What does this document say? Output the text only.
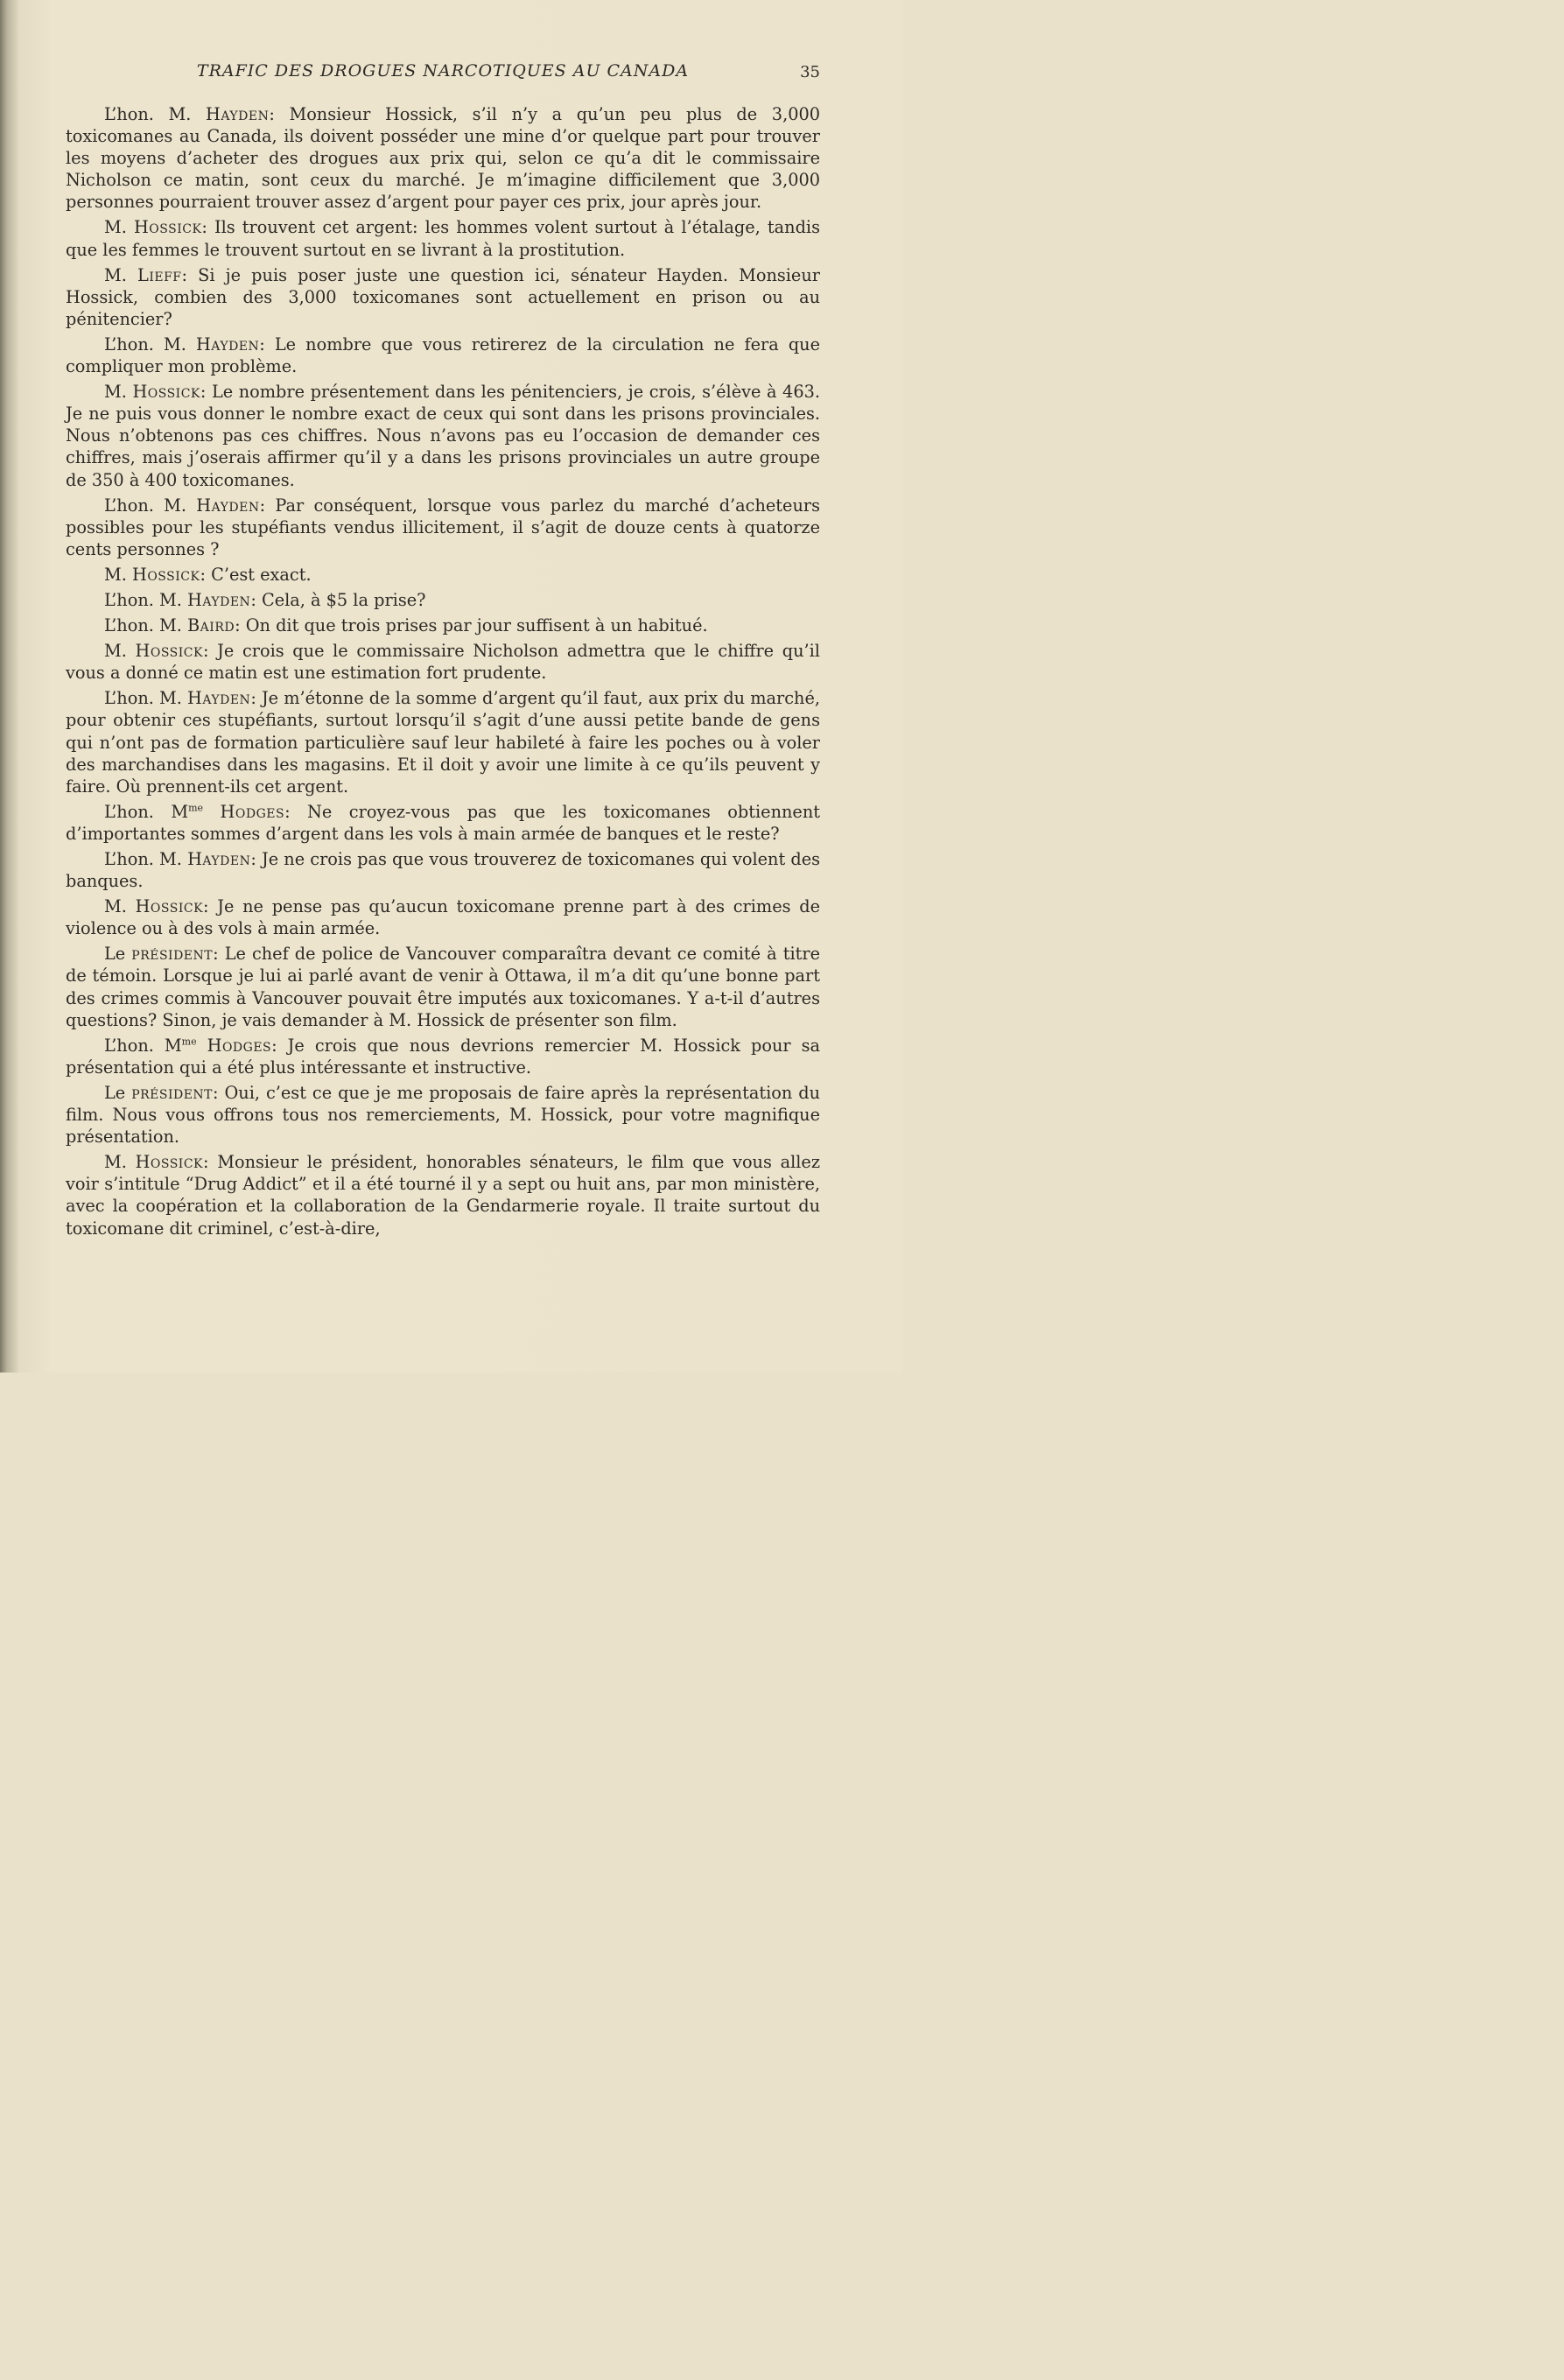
TRAFIC DES DROGUES NARCOTIQUES AU CANADA	35

L’hon. M. Hayden: Monsieur Hossick, s’il n’y a qu’un peu plus de 3,000 toxicomanes au Canada, ils doivent posséder une mine d’or quelque part pour trouver les moyens d’acheter des drogues aux prix qui, selon ce qu’a dit le commissaire Nicholson ce matin, sont ceux du marché. Je m’imagine difficilement que 3,000 personnes pourraient trouver assez d’argent pour payer ces prix, jour après jour.

M. Hossick: Ils trouvent cet argent: les hommes volent surtout à l’étalage, tandis que les femmes le trouvent surtout en se livrant à la prostitution.

M. Lieff: Si je puis poser juste une question ici, sénateur Hayden. Monsieur Hossick, combien des 3,000 toxicomanes sont actuellement en prison ou au pénitencier?

L’hon. M. Hayden: Le nombre que vous retirerez de la circulation ne fera que compliquer mon problème.

M. Hossick: Le nombre présentement dans les pénitenciers, je crois, s’élève à 463. Je ne puis vous donner le nombre exact de ceux qui sont dans les prisons provinciales. Nous n’obtenons pas ces chiffres. Nous n’avons pas eu l’occasion de demander ces chiffres, mais j’oserais affirmer qu’il y a dans les prisons provinciales un autre groupe de 350 à 400 toxicomanes.

L’hon. M. Hayden: Par conséquent, lorsque vous parlez du marché d’acheteurs possibles pour les stupéfiants vendus illicitement, il s’agit de douze cents à quatorze cents personnes ?

M. Hossick: C’est exact.

L’hon. M. Hayden: Cela, à $5 la prise?

L’hon. M. Baird: On dit que trois prises par jour suffisent à un habitué.

M. Hossick: Je crois que le commissaire Nicholson admettra que le chiffre qu’il vous a donné ce matin est une estimation fort prudente.

L’hon. M. Hayden: Je m’étonne de la somme d’argent qu’il faut, aux prix du marché, pour obtenir ces stupéfiants, surtout lorsqu’il s’agit d’une aussi petite bande de gens qui n’ont pas de formation particulière sauf leur habileté à faire les poches ou à voler des marchandises dans les magasins. Et il doit y avoir une limite à ce qu’ils peuvent y faire. Où prennent-ils cet argent.

L’hon. $M^{me}$ Hodges: Ne croyez-vous pas que les toxicomanes obtiennent d’importantes sommes d’argent dans les vols à main armée de banques et le reste?

L’hon. M. Hayden: Je ne crois pas que vous trouverez de toxicomanes qui volent des banques.

M. Hossick: Je ne pense pas qu’aucun toxicomane prenne part à des crimes de violence ou à des vols à main armée.

Le président: Le chef de police de Vancouver comparaîtra devant ce comité à titre de témoin. Lorsque je lui ai parlé avant de venir à Ottawa, il m’a dit qu’une bonne part des crimes commis à Vancouver pouvait être imputés aux toxicomanes. Y a-t-il d’autres questions? Sinon, je vais demander à M. Hossick de présenter son film.

L’hon. $M^{me}$ Hodges: Je crois que nous devrions remercier M. Hossick pour sa présentation qui a été plus intéressante et instructive.

Le président: Oui, c’est ce que je me proposais de faire après la représentation du film. Nous vous offrons tous nos remerciements, M. Hossick, pour votre magnifique présentation.

M. Hossick: Monsieur le président, honorables sénateurs, le film que vous allez voir s’intitule “Drug Addict” et il a été tourné il y a sept ou huit ans, par mon ministère, avec la coopération et la collaboration de la Gendarmerie royale. Il traite surtout du toxicomane dit criminel, c’est-à-dire,
